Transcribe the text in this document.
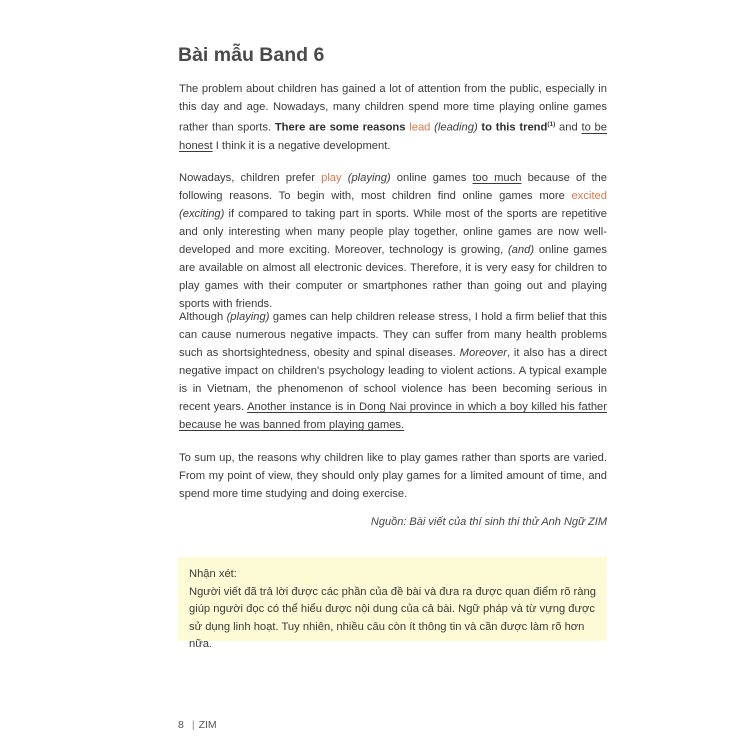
Bài mẫu Band 6

The problem about children has gained a lot of attention from the public, especially in this day and age. Nowadays, many children spend more time playing online games rather than sports. There are some reasons lead (leading) to this trend$^{(1)}$ and to be honest I think it is a negative development.

Nowadays, children prefer play (playing) online games too much because of the following reasons. To begin with, most children find online games more excited (exciting) if compared to taking part in sports. While most of the sports are repetitive and only interesting when many people play together, online games are now well-developed and more exciting. Moreover, technology is growing, (and) online games are available on almost all electronic devices. Therefore, it is very easy for children to play games with their computer or smartphones rather than going out and playing sports with friends.

Although (playing) games can help children release stress, I hold a firm belief that this can cause numerous negative impacts. They can suffer from many health problems such as shortsightedness, obesity and spinal diseases. Moreover, it also has a direct negative impact on children's psychology leading to violent actions. A typical example is in Vietnam, the phenomenon of school violence has been becoming serious in recent years. Another instance is in Dong Nai province in which a boy killed his father because he was banned from playing games.

To sum up, the reasons why children like to play games rather than sports are varied. From my point of view, they should only play games for a limited amount of time, and spend more time studying and doing exercise.

Nguồn: Bài viết của thí sinh thi thử Anh Ngữ ZIM

Nhận xét:

Người viết đã trả lời được các phần của đề bài và đưa ra được quan điểm rõ ràng giúp người đọc có thể hiểu được nội dung của cả bài. Ngữ pháp và từ vựng được sử dụng linh hoạt. Tuy nhiên, nhiều câu còn ít thông tin và cần được làm rõ hơn nữa.

8 | ZIM
